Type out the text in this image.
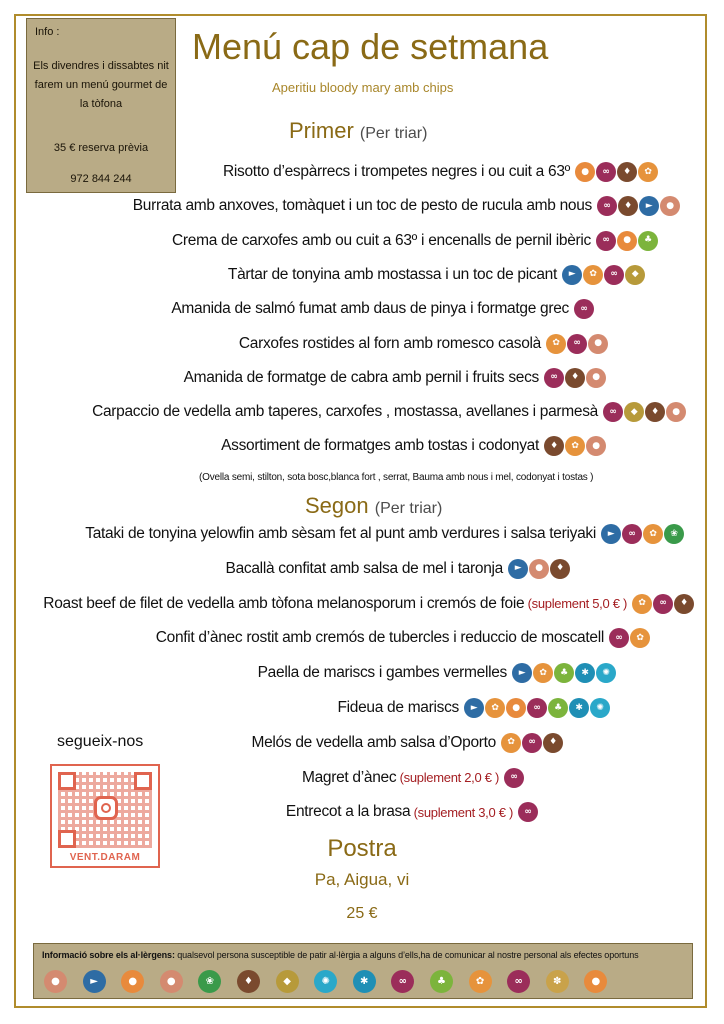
Info :
Els divendres i dissabtes nit farem un menú gourmet de la tòfona
35 € reserva prèvia
972 844 244
Menú cap de setmana
Aperitiu bloody mary amb chips
Primer (Per triar)
Risotto d’espàrrecs i trompetes negres i ou cuit a 63º	●	∞	♦	✿
Burrata amb anxoves, tomàquet i un toc de pesto de rucula amb nous	∞	♦	►	●
Crema de carxofes amb ou cuit a 63º i encenalls de pernil ibèric	∞	●	♣
Tàrtar de tonyina amb mostassa i un toc de picant	►	✿	∞	◆
Amanida de salmó fumat amb daus de pinya i formatge grec	∞
Carxofes rostides al forn amb romesco casolà	✿	∞	●
Amanida de formatge de cabra amb pernil i fruits secs	∞	♦	●
Carpaccio de vedella amb taperes, carxofes , mostassa, avellanes i parmesà	∞	◆	♦	●
Assortiment de formatges amb tostas i codonyat	♦	✿	●
(Ovella semi, stilton, sota bosc,blanca fort , serrat, Bauma amb nous i mel, codonyat i tostas )
Segon (Per triar)
Tataki de tonyina yelowfin amb sèsam fet al punt amb verdures i salsa teriyaki	►	∞	✿	❀
Bacallà confitat amb salsa de mel i taronja	►	●	♦
Roast beef de filet de vedella amb tòfona melanosporum i cremós de foie (suplement 5,0 € )	✿	∞	♦
Confit d’ànec rostit amb cremós de tubercles i reduccio de moscatell	∞	✿
Paella de mariscs i gambes vermelles	►	✿	♣	✱	✺
Fideua de mariscs	►	✿	●	∞	♣	✱	✺
Melós de vedella amb salsa d’Oporto	✿	∞	♦
Magret d’ànec (suplement 2,0 € )	∞
Entrecot a la brasa (suplement 3,0 € )	∞
segueix-nos
VENT.DARAM	Postra
Pa, Aigua, vi
25 €
Informació sobre els al·lèrgens: qualsevol persona susceptible de patir al·lèrgia a alguns d’ells,ha de comunicar al nostre personal als efectes oportuns
●	►	●	●	❀	♦	◆	✺	✱	∞	♣	✿	∞	✽	●
